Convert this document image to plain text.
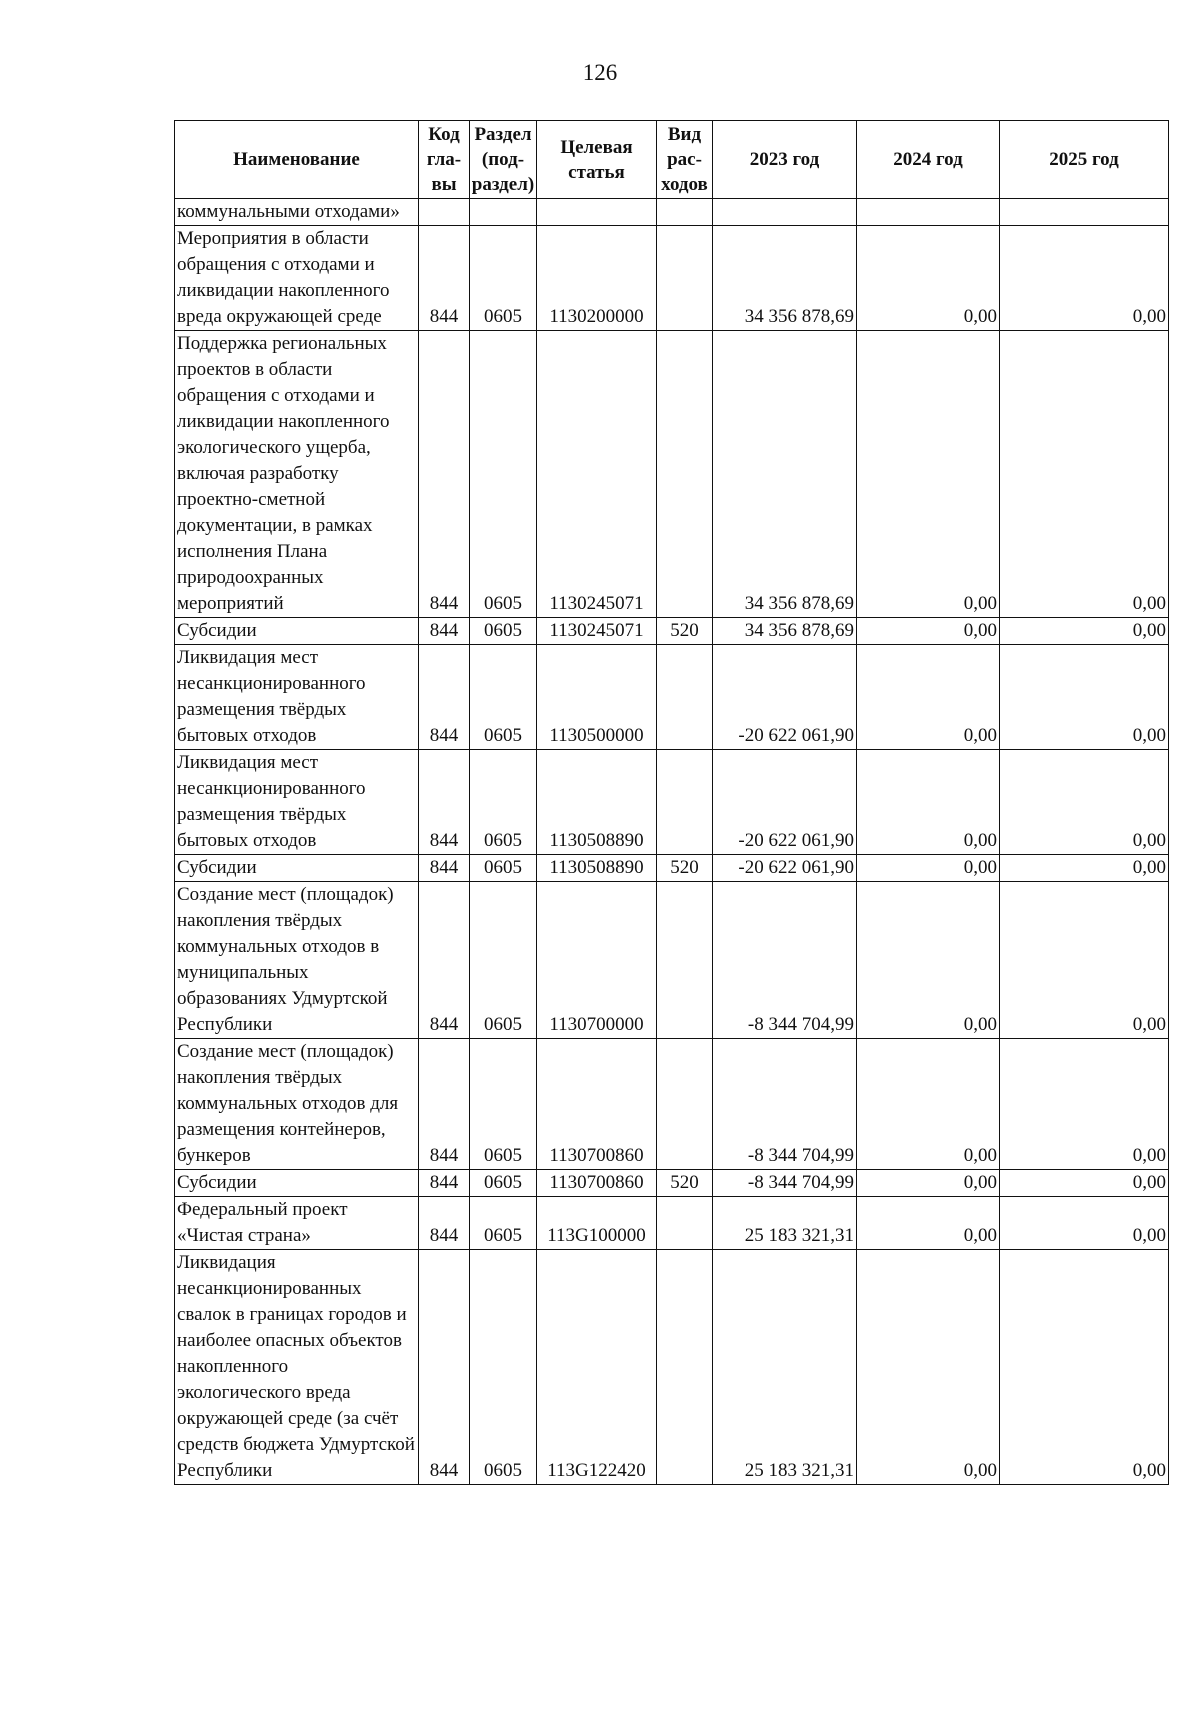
126
Наименование	Код гла-вы	Раздел (под-раздел)	Целевая статья	Вид рас-ходов	2023 год	2024 год	2025 год
коммунальными отходами»							
Мероприятия в области обращения с отходами и ликвидации накопленного вреда окружающей среде	844	0605	1130200000		34 356 878,69	0,00	0,00
Поддержка региональных проектов в области обращения с отходами и ликвидации накопленного экологического ущерба, включая разработку проектно-сметной документации, в рамках исполнения Плана природоохранных мероприятий	844	0605	1130245071		34 356 878,69	0,00	0,00
Субсидии	844	0605	1130245071	520	34 356 878,69	0,00	0,00
Ликвидация мест несанкционированного размещения твёрдых бытовых отходов	844	0605	1130500000		-20 622 061,90	0,00	0,00
Ликвидация мест несанкционированного размещения твёрдых бытовых отходов	844	0605	1130508890		-20 622 061,90	0,00	0,00
Субсидии	844	0605	1130508890	520	-20 622 061,90	0,00	0,00
Создание мест (площадок) накопления твёрдых коммунальных отходов в муниципальных образованиях Удмуртской Республики	844	0605	1130700000		-8 344 704,99	0,00	0,00
Создание мест (площадок) накопления твёрдых коммунальных отходов для размещения контейнеров, бункеров	844	0605	1130700860		-8 344 704,99	0,00	0,00
Субсидии	844	0605	1130700860	520	-8 344 704,99	0,00	0,00
Федеральный проект «Чистая страна»	844	0605	113G100000		25 183 321,31	0,00	0,00
Ликвидация несанкционированных свалок в границах городов и наиболее опасных объектов накопленного экологического вреда окружающей среде (за счёт средств бюджета Удмуртской Республики	844	0605	113G122420		25 183 321,31	0,00	0,00
